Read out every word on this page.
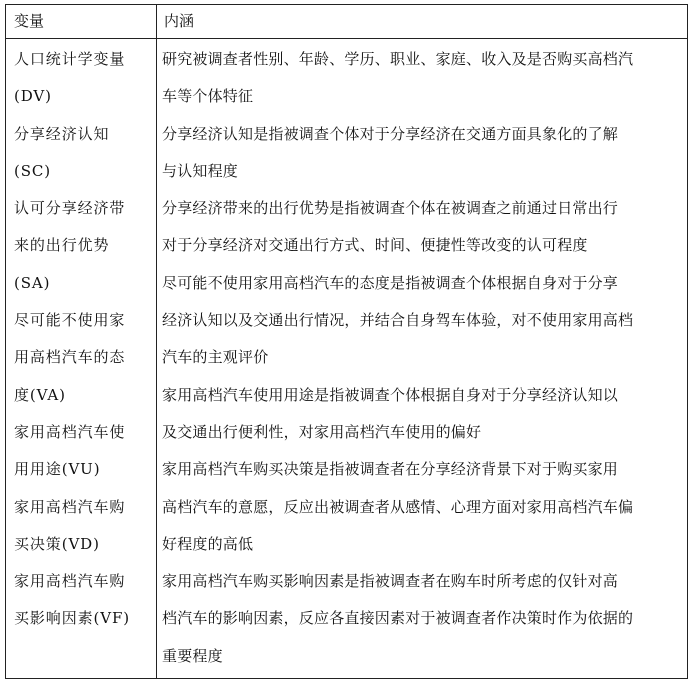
变量	内涵
人口统计学变量
(DV)
分享经济认知
(SC)
认可分享经济带
来的出行优势
(SA)
尽可能不使用家
用高档汽车的态
度(VA)
家用高档汽车使
用用途(VU)
家用高档汽车购
买决策(VD)
家用高档汽车购
买影响因素(VF)
研究被调查者性别、年龄、学历、职业、家庭、收入及是否购买高档汽
车等个体特征
分享经济认知是指被调查个体对于分享经济在交通方面具象化的了解
与认知程度
分享经济带来的出行优势是指被调查个体在被调查之前通过日常出行
对于分享经济对交通出行方式、时间、便捷性等改变的认可程度
尽可能不使用家用高档汽车的态度是指被调查个体根据自身对于分享
经济认知以及交通出行情况，并结合自身驾车体验，对不使用家用高档
汽车的主观评价
家用高档汽车使用用途是指被调查个体根据自身对于分享经济认知以
及交通出行便利性，对家用高档汽车使用的偏好
家用高档汽车购买决策是指被调查者在分享经济背景下对于购买家用
高档汽车的意愿，反应出被调查者从感情、心理方面对家用高档汽车偏
好程度的高低
家用高档汽车购买影响因素是指被调查者在购车时所考虑的仅针对高
档汽车的影响因素，反应各直接因素对于被调查者作决策时作为依据的
重要程度
